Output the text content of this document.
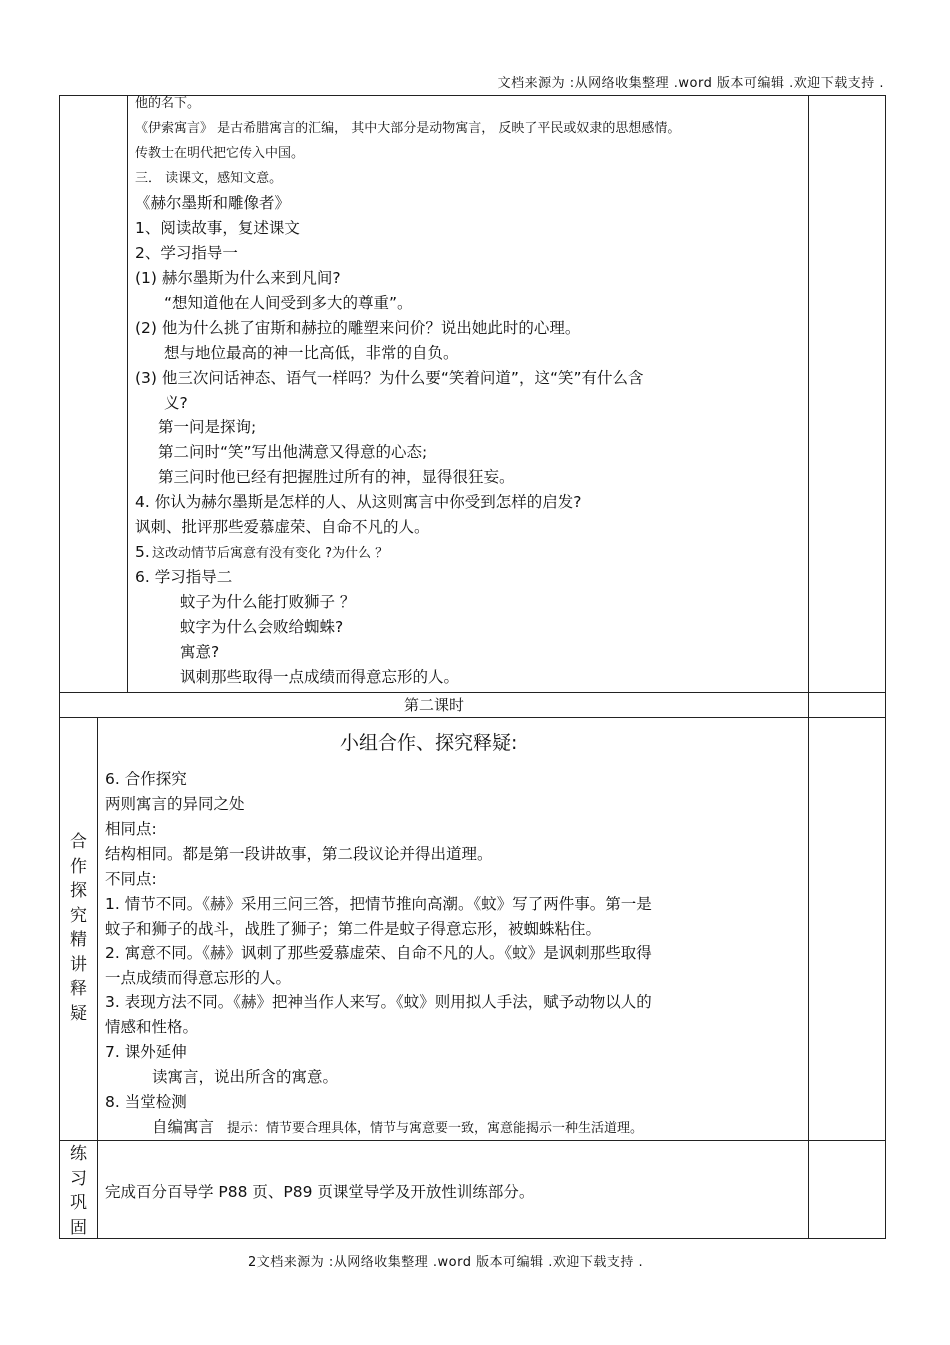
文档来源为 :从网络收集整理 .word 版本可编辑 .欢迎下载支持 .
他的名下。
《伊索寓言》 是古希腊寓言的汇编， 其中大部分是动物寓言， 反映了平民或奴隶的思想感情。
传教士在明代把它传入中国。
三． 读课文，感知文意。
《赫尔墨斯和雕像者》
1、阅读故事，复述课文
2、学习指导一
(1) 赫尔墨斯为什么来到凡间?
“想知道他在人间受到多大的尊重”。
(2) 他为什么挑了宙斯和赫拉的雕塑来问价？说出她此时的心理。
想与地位最高的神一比高低，非常的自负。
(3) 他三次问话神态、语气一样吗？为什么要“笑着问道”，这“笑”有什么含
义?
第一问是探询;
第二问时“笑”写出他满意又得意的心态;
第三问时他已经有把握胜过所有的神，显得很狂妄。
4. 你认为赫尔墨斯是怎样的人、从这则寓言中你受到怎样的启发?
讽刺、批评那些爱慕虚荣、自命不凡的人。
5. 这改动情节后寓意有没有变化 ?为什么 ？
6. 学习指导二
蚊子为什么能打败狮子 ？
蚊字为什么会败给蜘蛛?
寓意?
讽刺那些取得一点成绩而得意忘形的人。
第二课时
合
作
探
究
精
讲
释
疑
小组合作、探究释疑:
6. 合作探究
两则寓言的异同之处
相同点:
结构相同。都是第一段讲故事，第二段议论并得出道理。
不同点:
1. 情节不同。《赫》采用三问三答，把情节推向高潮。《蚊》写了两件事。第一是
蚊子和狮子的战斗，战胜了狮子；第二件是蚊子得意忘形，被蜘蛛粘住。
2. 寓意不同。《赫》讽刺了那些爱慕虚荣、自命不凡的人。《蚊》是讽刺那些取得
一点成绩而得意忘形的人。
3. 表现方法不同。《赫》把神当作人来写。《蚊》则用拟人手法，赋予动物以人的
情感和性格。
7. 课外延伸
读寓言，说出所含的寓意。
8. 当堂检测
自编寓言 提示：情节要合理具体，情节与寓意要一致，寓意能揭示一种生活道理。
练
习
巩
固
完成百分百导学 P88 页、P89 页课堂导学及开放性训练部分。
2文档来源为 :从网络收集整理 .word 版本可编辑 .欢迎下载支持 .
